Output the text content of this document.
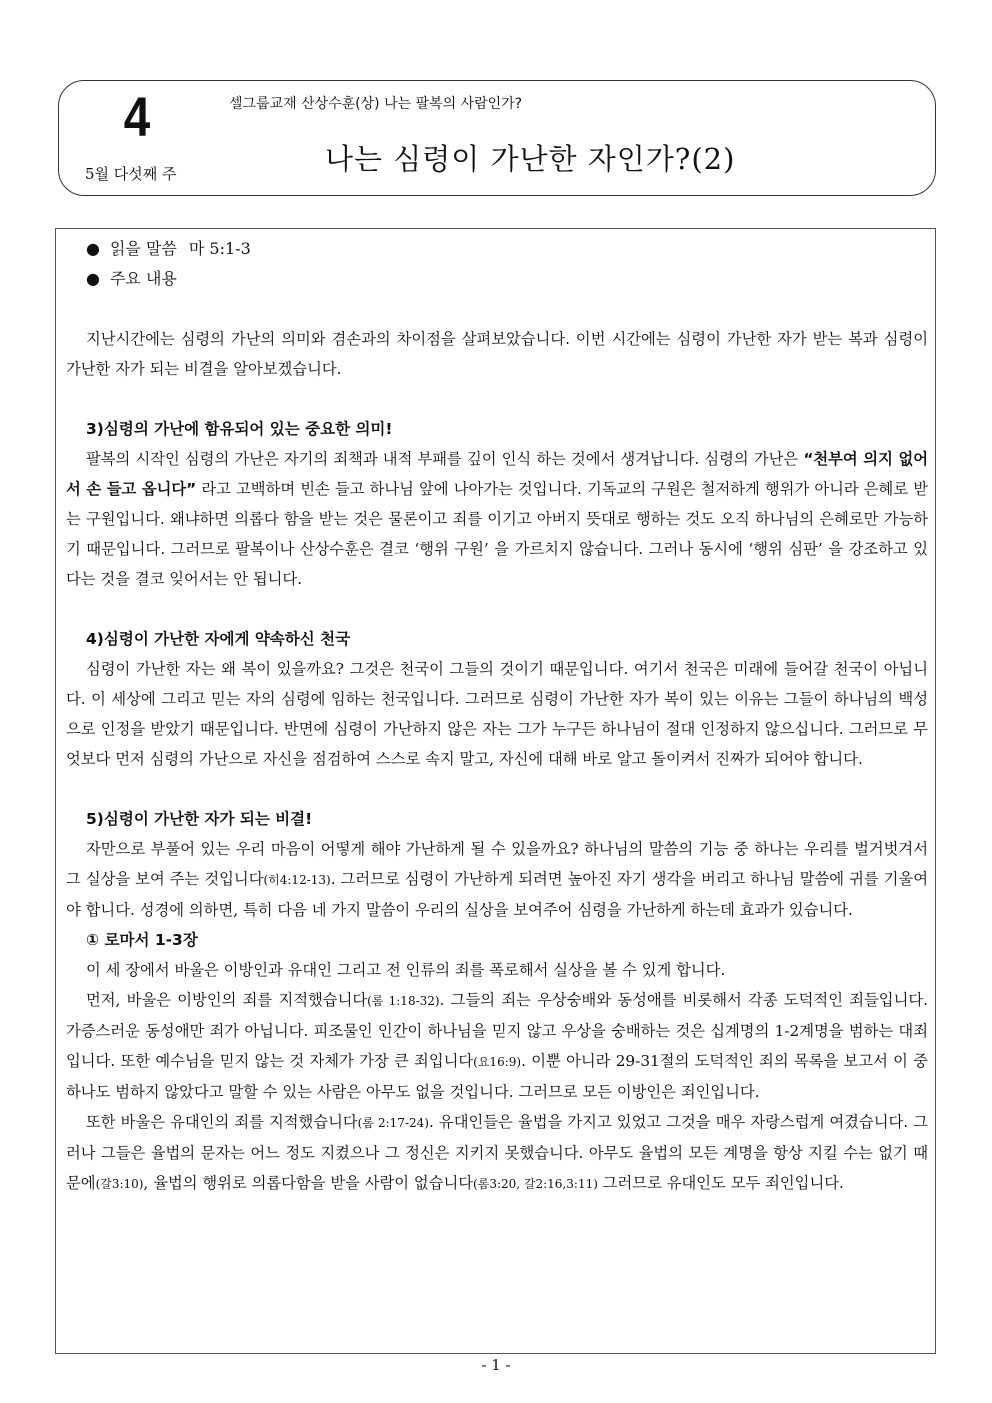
4
5월 다섯째 주
셀그룹교재 산상수훈(상) 나는 팔복의 사람인가?
나는 심령이 가난한 자인가?(2)

● 읽을 말씀 마 5:1-3

● 주요 내용

지난시간에는 심령의 가난의 의미와 겸손과의 차이점을 살펴보았습니다. 이번 시간에는 심령이 가난한 자가 받는 복과 심령이 가난한 자가 되는 비결을 알아보겠습니다.

3)심령의 가난에 함유되어 있는 중요한 의미!

팔복의 시작인 심령의 가난은 자기의 죄책과 내적 부패를 깊이 인식 하는 것에서 생겨납니다. 심령의 가난은 “천부여 의지 없어서 손 들고 옵니다” 라고 고백하며 빈손 들고 하나님 앞에 나아가는 것입니다. 기독교의 구원은 철저하게 행위가 아니라 은혜로 받는 구원입니다. 왜냐하면 의롭다 함을 받는 것은 물론이고 죄를 이기고 아버지 뜻대로 행하는 것도 오직 하나님의 은혜로만 가능하기 때문입니다. 그러므로 팔복이나 산상수훈은 결코 ‘행위 구원’ 을 가르치지 않습니다. 그러나 동시에 ‘행위 심판’ 을 강조하고 있다는 것을 결코 잊어서는 안 됩니다.

4)심령이 가난한 자에게 약속하신 천국

심령이 가난한 자는 왜 복이 있을까요? 그것은 천국이 그들의 것이기 때문입니다. 여기서 천국은 미래에 들어갈 천국이 아닙니다. 이 세상에 그리고 믿는 자의 심령에 임하는 천국입니다. 그러므로 심령이 가난한 자가 복이 있는 이유는 그들이 하나님의 백성으로 인정을 받았기 때문입니다. 반면에 심령이 가난하지 않은 자는 그가 누구든 하나님이 절대 인정하지 않으십니다. 그러므로 무엇보다 먼저 심령의 가난으로 자신을 점검하여 스스로 속지 말고, 자신에 대해 바로 알고 돌이켜서 진짜가 되어야 합니다.

5)심령이 가난한 자가 되는 비결!

자만으로 부풀어 있는 우리 마음이 어떻게 해야 가난하게 될 수 있을까요? 하나님의 말씀의 기능 중 하나는 우리를 벌거벗겨서 그 실상을 보여 주는 것입니다(히4:12-13). 그러므로 심령이 가난하게 되려면 높아진 자기 생각을 버리고 하나님 말씀에 귀를 기울여야 합니다. 성경에 의하면, 특히 다음 네 가지 말씀이 우리의 실상을 보여주어 심령을 가난하게 하는데 효과가 있습니다.

① 로마서 1-3장

이 세 장에서 바울은 이방인과 유대인 그리고 전 인류의 죄를 폭로해서 실상을 볼 수 있게 합니다.

먼저, 바울은 이방인의 죄를 지적했습니다(롬 1:18-32). 그들의 죄는 우상숭배와 동성애를 비롯해서 각종 도덕적인 죄들입니다. 가증스러운 동성애만 죄가 아닙니다. 피조물인 인간이 하나님을 믿지 않고 우상을 숭배하는 것은 십계명의 1-2계명을 범하는 대죄입니다. 또한 예수님을 믿지 않는 것 자체가 가장 큰 죄입니다(요16:9). 이뿐 아니라 29-31절의 도덕적인 죄의 목록을 보고서 이 중 하나도 범하지 않았다고 말할 수 있는 사람은 아무도 없을 것입니다. 그러므로 모든 이방인은 죄인입니다.

또한 바울은 유대인의 죄를 지적했습니다(롬 2:17-24). 유대인들은 율법을 가지고 있었고 그것을 매우 자랑스럽게 여겼습니다. 그러나 그들은 율법의 문자는 어느 정도 지켰으나 그 정신은 지키지 못했습니다. 아무도 율법의 모든 계명을 항상 지킬 수는 없기 때문에(갈3:10), 율법의 행위로 의롭다함을 받을 사람이 없습니다(롬3:20, 갈2:16,3:11) 그러므로 유대인도 모두 죄인입니다.

- 1 -
